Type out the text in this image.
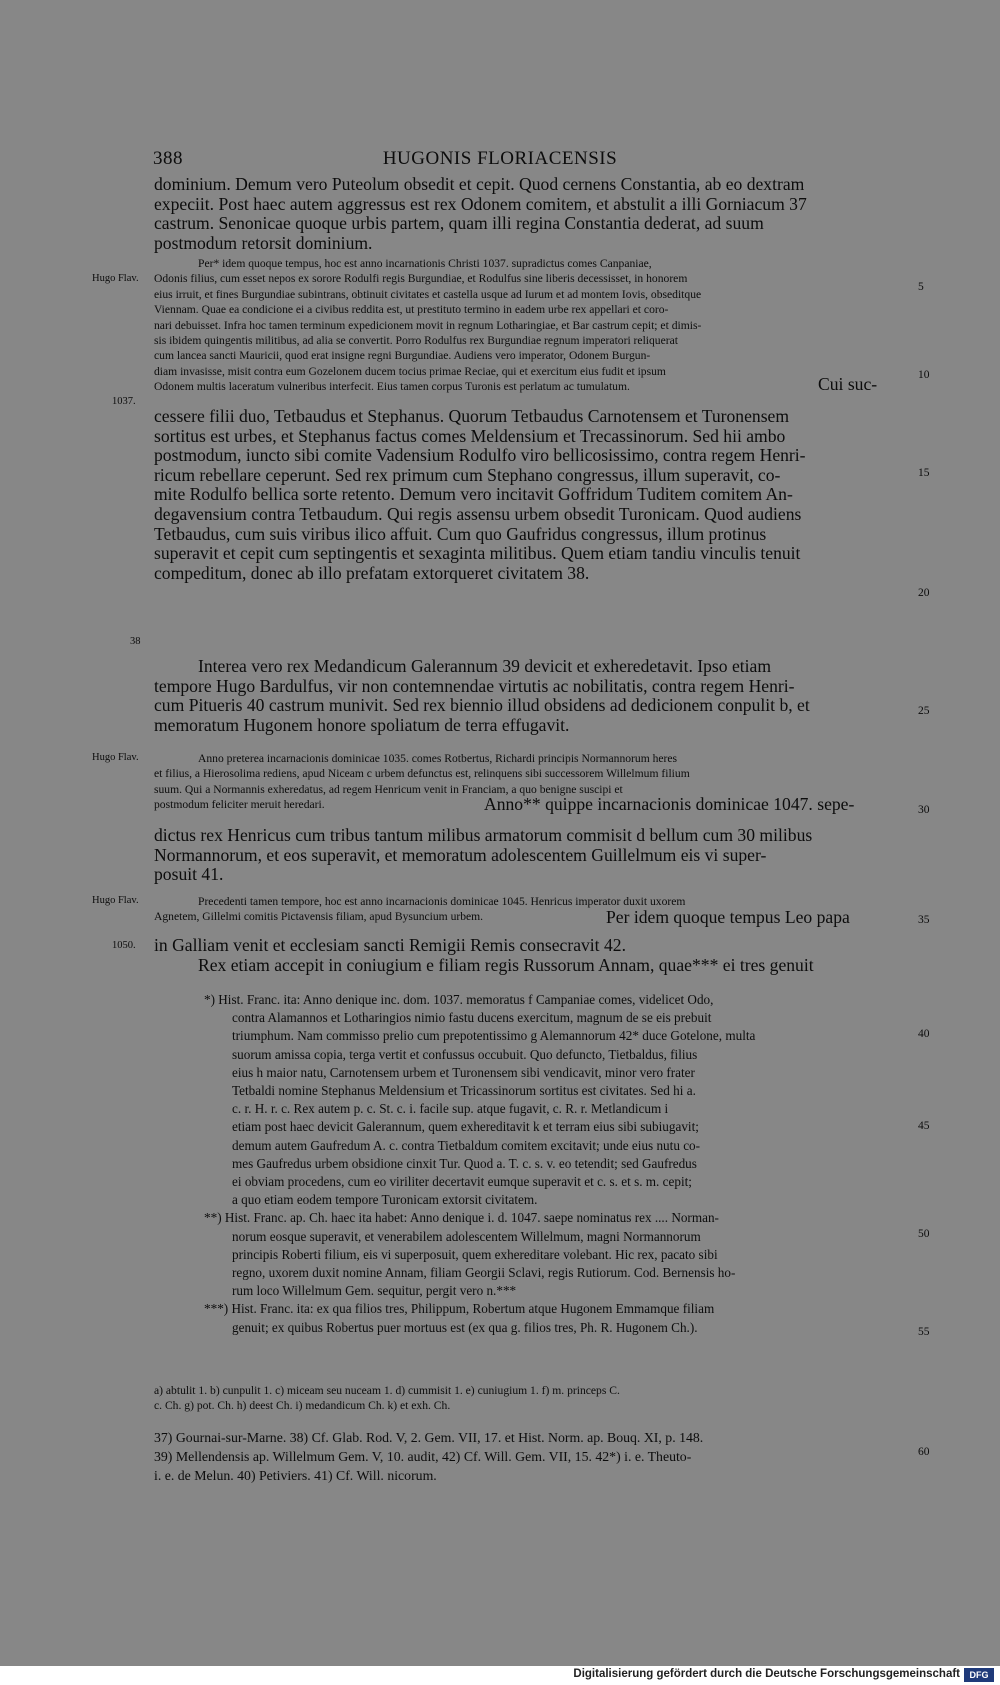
388	HUGONIS FLORIACENSIS
dominium. Demum vero Puteolum obsedit et cepit. Quod cernens Constantia, ab eo dextram
expeciit. Post haec autem aggressus est rex Odonem comitem, et abstulit a illi Gorniacum 37
castrum. Senonicae quoque urbis partem, quam illi regina Constantia dederat, ad suum
postmodum retorsit dominium.
Per* idem quoque tempus, hoc est anno incarnationis Christi 1037. supradictus comes Canpaniae,
Odonis filius, cum esset nepos ex sorore Rodulfi regis Burgundiae, et Rodulfus sine liberis decessisset, in honorem
eius irruit, et fines Burgundiae subintrans, obtinuit civitates et castella usque ad Iurum et ad montem Iovis, obseditque
Viennam. Quae ea condicione ei a civibus reddita est, ut prestituto termino in eadem urbe rex appellari et coro-
nari debuisset. Infra hoc tamen terminum expedicionem movit in regnum Lotharingiae, et Bar castrum cepit; et dimis-
sis ibidem quingentis militibus, ad alia se convertit. Porro Rodulfus rex Burgundiae regnum imperatori reliquerat
cum lancea sancti Mauricii, quod erat insigne regni Burgundiae. Audiens vero imperator, Odonem Burgun-
diam invasisse, misit contra eum Gozelonem ducem tocius primae Reciae, qui et exercitum eius fudit et ipsum
Odonem multis laceratum vulneribus interfecit. Eius tamen corpus Turonis est perlatum ac tumulatum.	Cui suc-
cessere filii duo, Tetbaudus et Stephanus. Quorum Tetbaudus Carnotensem et Turonensem
sortitus est urbes, et Stephanus factus comes Meldensium et Trecassinorum. Sed hii ambo
postmodum, iuncto sibi comite Vadensium Rodulfo viro bellicosissimo, contra regem Henri-
ricum rebellare ceperunt. Sed rex primum cum Stephano congressus, illum superavit, co-
mite Rodulfo bellica sorte retento. Demum vero incitavit Goffridum Tuditem comitem An-
degavensium contra Tetbaudum. Qui regis assensu urbem obsedit Turonicam. Quod audiens
Tetbaudus, cum suis viribus ilico affuit. Cum quo Gaufridus congressus, illum protinus
superavit et cepit cum septingentis et sexaginta militibus. Quem etiam tandiu vinculis tenuit
compeditum, donec ab illo prefatam extorqueret civitatem 38.
Interea vero rex Medandicum Galerannum 39 devicit et exheredetavit. Ipso etiam
tempore Hugo Bardulfus, vir non contemnendae virtutis ac nobilitatis, contra regem Henri-
cum Pitueris 40 castrum munivit. Sed rex biennio illud obsidens ad dedicionem conpulit b, et
memoratum Hugonem honore spoliatum de terra effugavit.
Anno preterea incarnacionis dominicae 1035. comes Rotbertus, Richardi principis Normannorum heres
et filius, a Hierosolima rediens, apud Niceam c urbem defunctus est, relinquens sibi successorem Willelmum filium
suum. Qui a Normannis exheredatus, ad regem Henricum venit in Franciam, a quo benigne suscipi et
postmodum feliciter meruit heredari.	Anno** quippe incarnacionis dominicae 1047. sepe-
dictus rex Henricus cum tribus tantum milibus armatorum commisit d bellum cum 30 milibus
Normannorum, et eos superavit, et memoratum adolescentem Guillelmum eis vi super-
posuit 41.
Precedenti tamen tempore, hoc est anno incarnacionis dominicae 1045. Henricus imperator duxit uxorem
Agnetem, Gillelmi comitis Pictavensis filiam, apud Bysuncium urbem.	Per idem quoque tempus Leo papa
in Galliam venit et ecclesiam sancti Remigii Remis consecravit 42.
Rex etiam accepit in coniugium e filiam regis Russorum Annam, quae*** ei tres genuit
*) Hist. Franc. ita: Anno denique inc. dom. 1037. memoratus f Campaniae comes, videlicet Odo,
contra Alamannos et Lotharingios nimio fastu ducens exercitum, magnum de se eis prebuit
triumphum. Nam commisso prelio cum prepotentissimo g Alemannorum 42* duce Gotelone, multa
suorum amissa copia, terga vertit et confussus occubuit. Quo defuncto, Tietbaldus, filius
eius h maior natu, Carnotensem urbem et Turonensem sibi vendicavit, minor vero frater
Tetbaldi nomine Stephanus Meldensium et Tricassinorum sortitus est civitates. Sed hi a.
c. r. H. r. c. Rex autem p. c. St. c. i. facile sup. atque fugavit, c. R. r. Metlandicum i
etiam post haec devicit Galerannum, quem exhereditavit k et terram eius sibi subiugavit;
demum autem Gaufredum A. c. contra Tietbaldum comitem excitavit; unde eius nutu co-
mes Gaufredus urbem obsidione cinxit Tur. Quod a. T. c. s. v. eo tetendit; sed Gaufredus
ei obviam procedens, cum eo viriliter decertavit eumque superavit et c. s. et s. m. cepit;
a quo etiam eodem tempore Turonicam extorsit civitatem.
**) Hist. Franc. ap. Ch. haec ita habet: Anno denique i. d. 1047. saepe nominatus rex .... Norman-
norum eosque superavit, et venerabilem adolescentem Willelmum, magni Normannorum
principis Roberti filium, eis vi superposuit, quem exhereditare volebant. Hic rex, pacato sibi
regno, uxorem duxit nomine Annam, filiam Georgii Sclavi, regis Rutiorum. Cod. Bernensis ho-
rum loco Willelmum Gem. sequitur, pergit vero n.***
***) Hist. Franc. ita: ex qua filios tres, Philippum, Robertum atque Hugonem Emmamque filiam
genuit; ex quibus Robertus puer mortuus est (ex qua g. filios tres, Ph. R. Hugonem Ch.).
a) abtulit 1. b) cunpulit 1. c) miceam seu nuceam 1. d) cummisit 1. e) cuniugium 1. f) m. princeps C.
c. Ch. g) pot. Ch. h) deest Ch. i) medandicum Ch. k) et exh. Ch.
37) Gournai-sur-Marne. 38) Cf. Glab. Rod. V, 2. Gem. VII, 17. et Hist. Norm. ap. Bouq. XI, p. 148.
39) Mellendensis ap. Willelmum Gem. V, 10. audit, 42) Cf. Will. Gem. VII, 15. 42*) i. e. Theuto-
i. e. de Melun. 40) Petiviers. 41) Cf. Will. nicorum.
Hugo Flav.
1037.
38
Hugo Flav.
Hugo Flav.
1050.
5
10
15
20
25
30
35
40
45
50
55
60
Digitalisierung gefördert durch die Deutsche Forschungsgemeinschaft	DFG
